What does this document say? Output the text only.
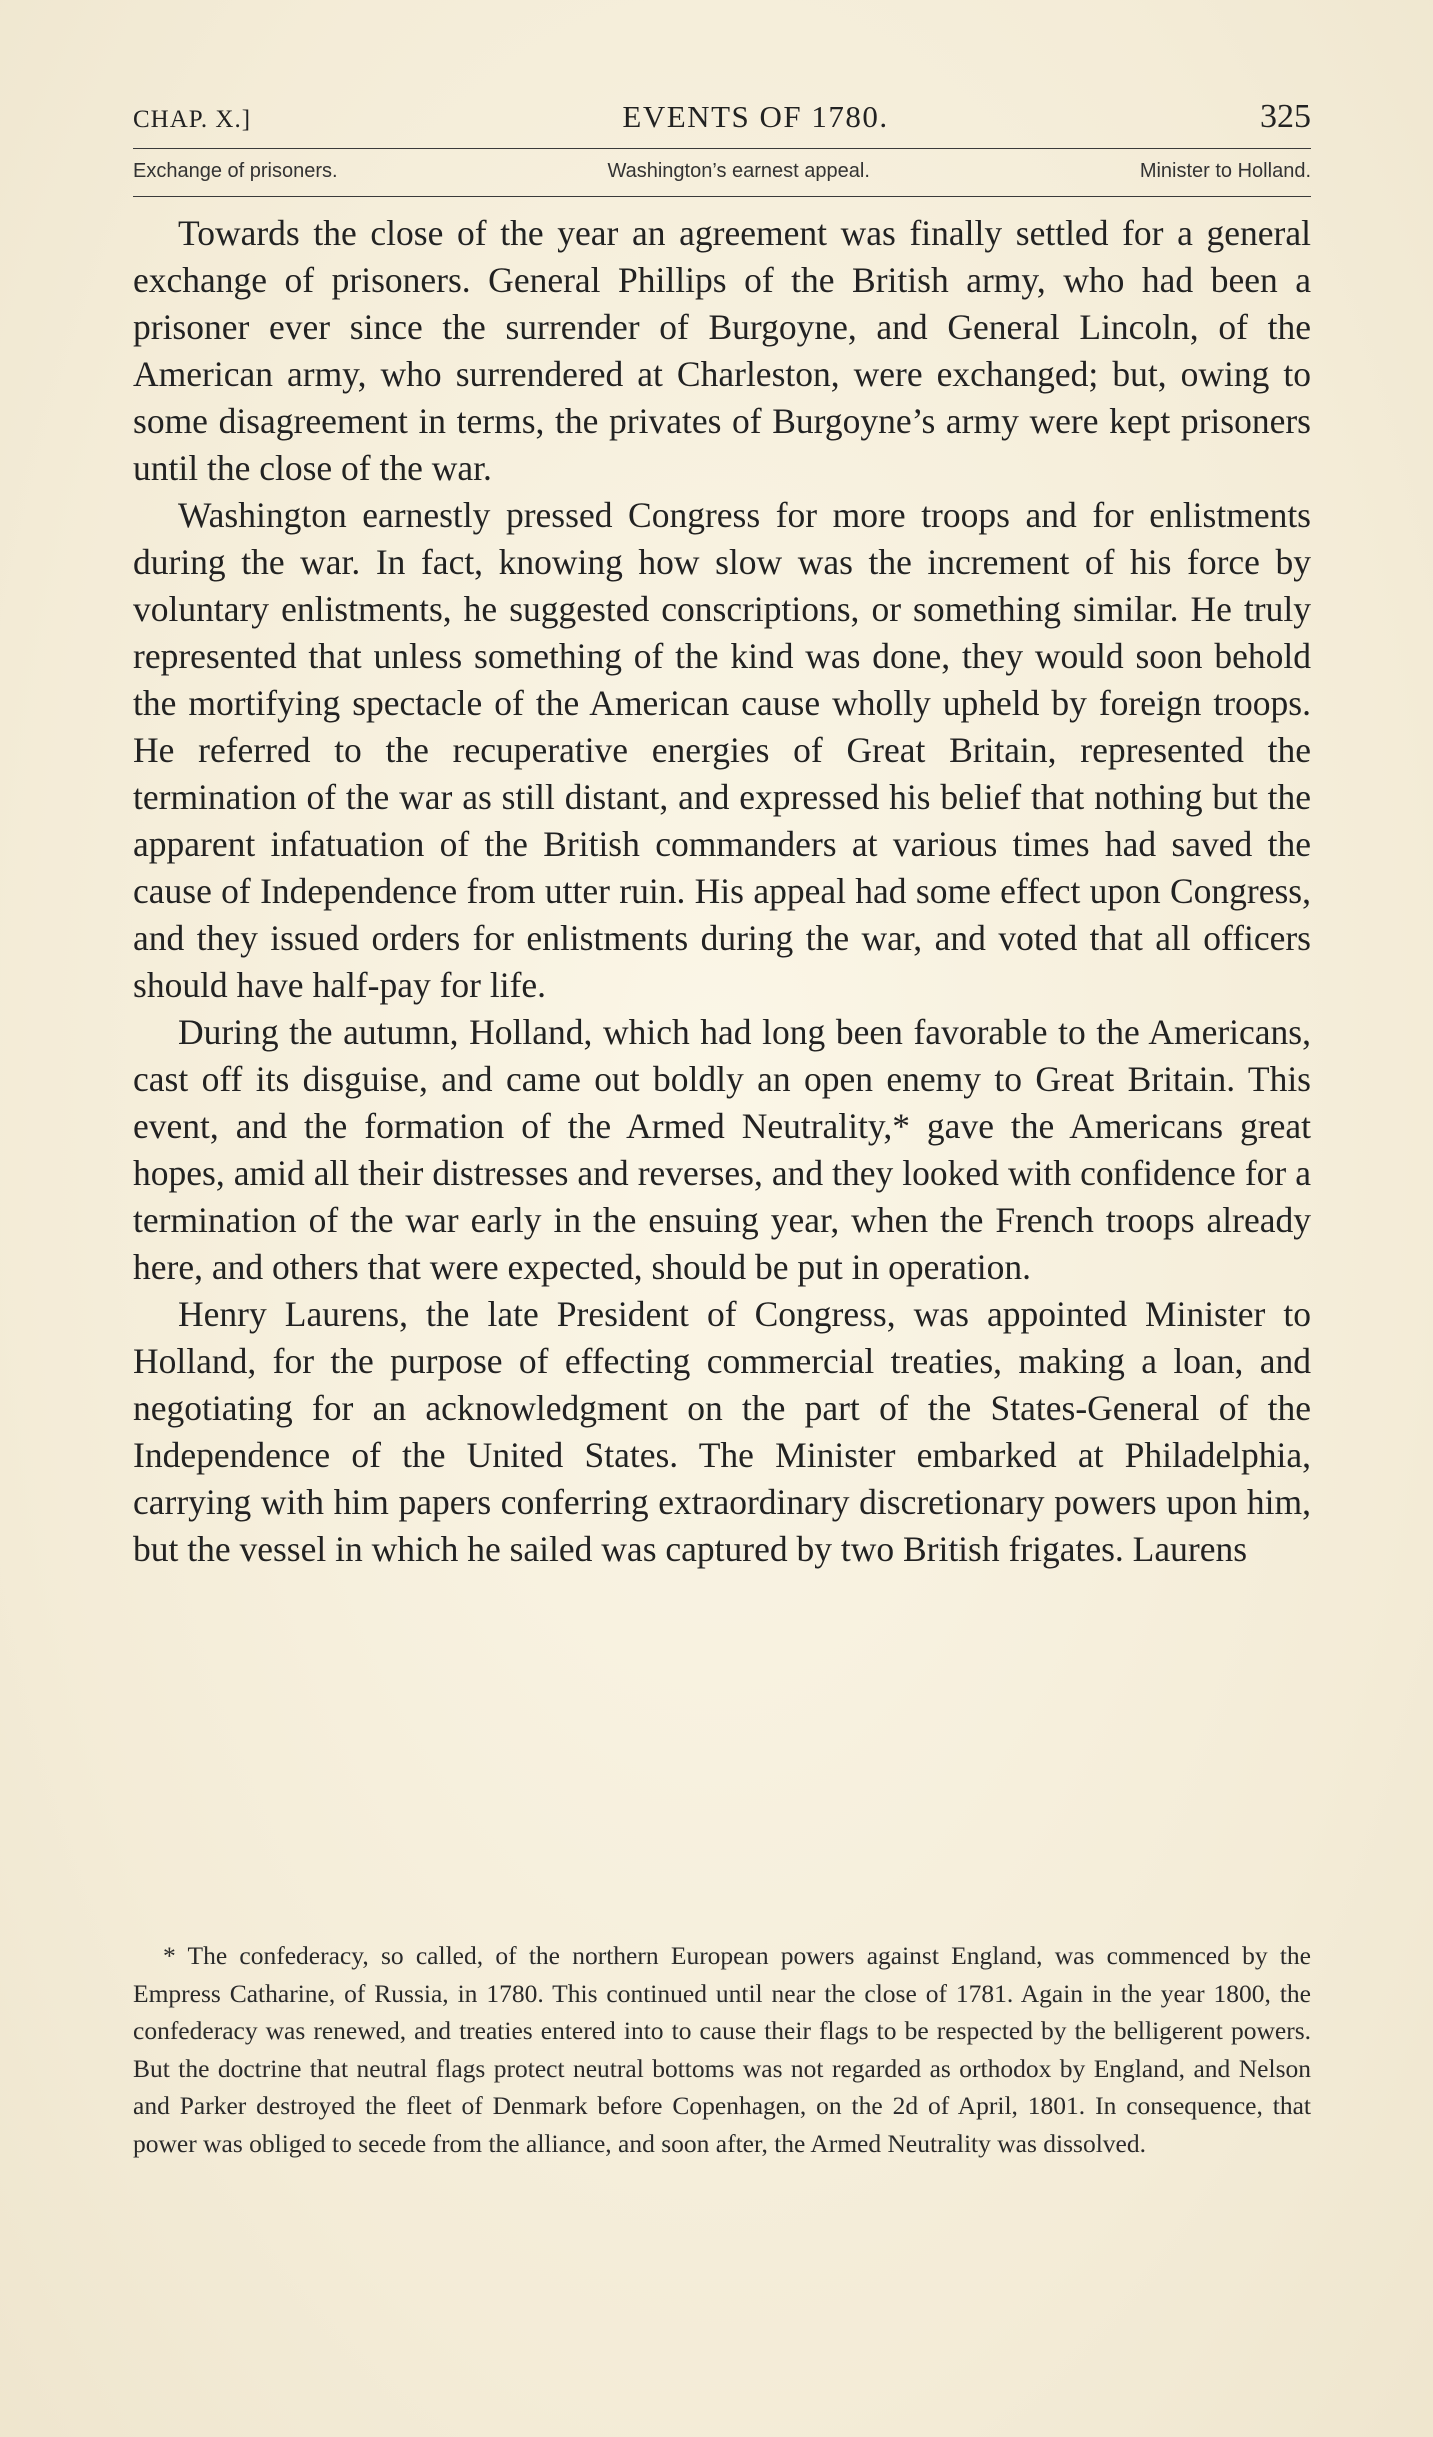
CHAP. X.]	EVENTS OF 1780.	325
Exchange of prisoners.	Washington’s earnest appeal.	Minister to Holland.

Towards the close of the year an agreement was finally settled for a general exchange of prisoners. General Phillips of the British army, who had been a prisoner ever since the surrender of Burgoyne, and General Lincoln, of the American army, who surrendered at Charleston, were exchanged; but, owing to some disagreement in terms, the privates of Burgoyne’s army were kept prisoners until the close of the war.

Washington earnestly pressed Congress for more troops and for enlistments during the war. In fact, knowing how slow was the increment of his force by voluntary enlistments, he suggested conscriptions, or something similar. He truly represented that unless something of the kind was done, they would soon behold the mortifying spectacle of the American cause wholly upheld by foreign troops. He referred to the recuperative energies of Great Britain, represented the termination of the war as still distant, and expressed his belief that nothing but the apparent infatuation of the British commanders at various times had saved the cause of Independence from utter ruin. His appeal had some effect upon Congress, and they issued orders for enlistments during the war, and voted that all officers should have half-pay for life.

During the autumn, Holland, which had long been favorable to the Americans, cast off its disguise, and came out boldly an open enemy to Great Britain. This event, and the formation of the Armed Neutrality,* gave the Americans great hopes, amid all their distresses and reverses, and they looked with confidence for a termination of the war early in the ensuing year, when the French troops already here, and others that were expected, should be put in operation.

Henry Laurens, the late President of Congress, was appointed Minister to Holland, for the purpose of effecting commercial treaties, making a loan, and negotiating for an acknowledgment on the part of the States-General of the Independence of the United States. The Minister embarked at Philadelphia, carrying with him papers conferring extraordinary discretionary powers upon him, but the vessel in which he sailed was captured by two British frigates. Laurens

* The confederacy, so called, of the northern European powers against England, was commenced by the Empress Catharine, of Russia, in 1780. This continued until near the close of 1781. Again in the year 1800, the confederacy was renewed, and treaties entered into to cause their flags to be respected by the belligerent powers. But the doctrine that neutral flags protect neutral bottoms was not regarded as orthodox by England, and Nelson and Parker destroyed the fleet of Denmark before Copenhagen, on the 2d of April, 1801. In consequence, that power was obliged to secede from the alliance, and soon after, the Armed Neutrality was dissolved.
